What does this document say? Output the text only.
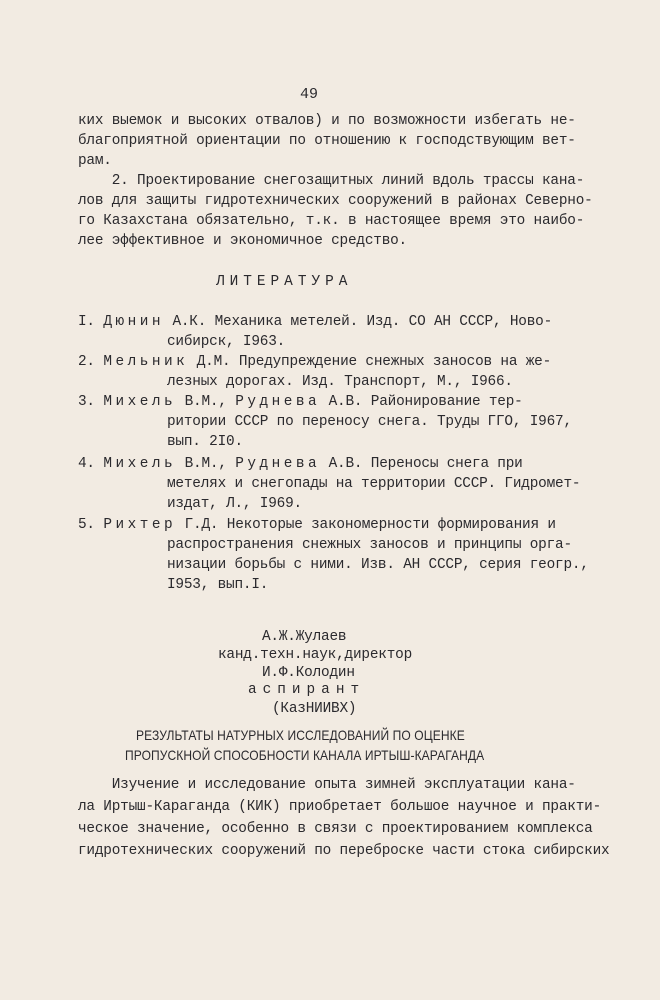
49
ких выемок и высоких отвалов) и по возможности избегать не-
благоприятной ориентации по отношению к господствующим вет-
рам.
2. Проектирование снегозащитных линий вдоль трассы кана-
лов для защиты гидротехнических сооружений в районах Северно-
го Казахстана обязательно, т.к. в настоящее время это наибо-
лее эффективное и экономичное средство.
ЛИТЕРАТУРА
I. Дюнин А.К. Механика метелей. Изд. СО АН СССР, Ново-
сибирск, I963.
2. Мельник Д.М. Предупреждение снежных заносов на же-
лезных дорогах. Изд. Транспорт, М., I966.
3. Михель В.М., Руднева А.В. Районирование тер-
ритории СССР по переносу снега. Труды ГГО, I967,
вып. 2I0.
4. Михель В.М., Руднева А.В. Переносы снега при
метелях и снегопады на территории СССР. Гидромет-
издат, Л., I969.
5. Рихтер Г.Д. Некоторые закономерности формирования и
распространения снежных заносов и принципы орга-
низации борьбы с ними. Изв. АН СССР, серия геогр.,
I953, вып.I.
А.Ж.Жулаев
канд.техн.наук,директор
И.Ф.Колодин
аспирант
(КазНИИВХ)
РЕЗУЛЬТАТЫ НАТУРНЫХ ИССЛЕДОВАНИЙ ПО ОЦЕНКЕ
ПРОПУСКНОЙ СПОСОБНОСТИ КАНАЛА ИРТЫШ-КАРАГАНДА
Изучение и исследование опыта зимней эксплуатации кана-
ла Иртыш-Караганда (КИК) приобретает большое научное и практи-
ческое значение, особенно в связи с проектированием комплекса
гидротехнических сооружений по переброске части стока сибирских
